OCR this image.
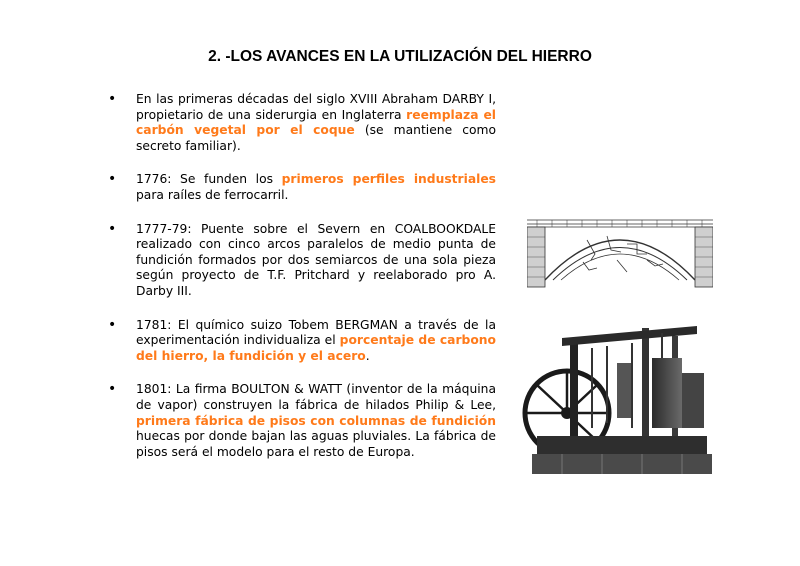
2. -LOS AVANCES EN LA UTILIZACIÓN DEL HIERRO
• En las primeras décadas del siglo XVIII Abraham DARBY I, propietario de una siderurgia en Inglaterra reemplaza el carbón vegetal por el coque (se mantiene como secreto familiar).
• 1776: Se funden los primeros perfiles industriales para raíles de ferrocarril.
• 1777-79: Puente sobre el Severn en COALBOOKDALE realizado con cinco arcos paralelos de medio punta de fundición formados por dos semiarcos de una sola pieza según proyecto de T.F. Pritchard y reelaborado pro A. Darby III.
• 1781: El químico suizo Tobem BERGMAN a través de la experimentación individualiza el porcentaje de carbono del hierro, la fundición y el acero.
• 1801: La firma BOULTON & WATT (inventor de la máquina de vapor) construyen la fábrica de hilados Philip & Lee, primera fábrica de pisos con columnas de fundición huecas por donde bajan las aguas pluviales. La fábrica de pisos será el modelo para el resto de Europa.
